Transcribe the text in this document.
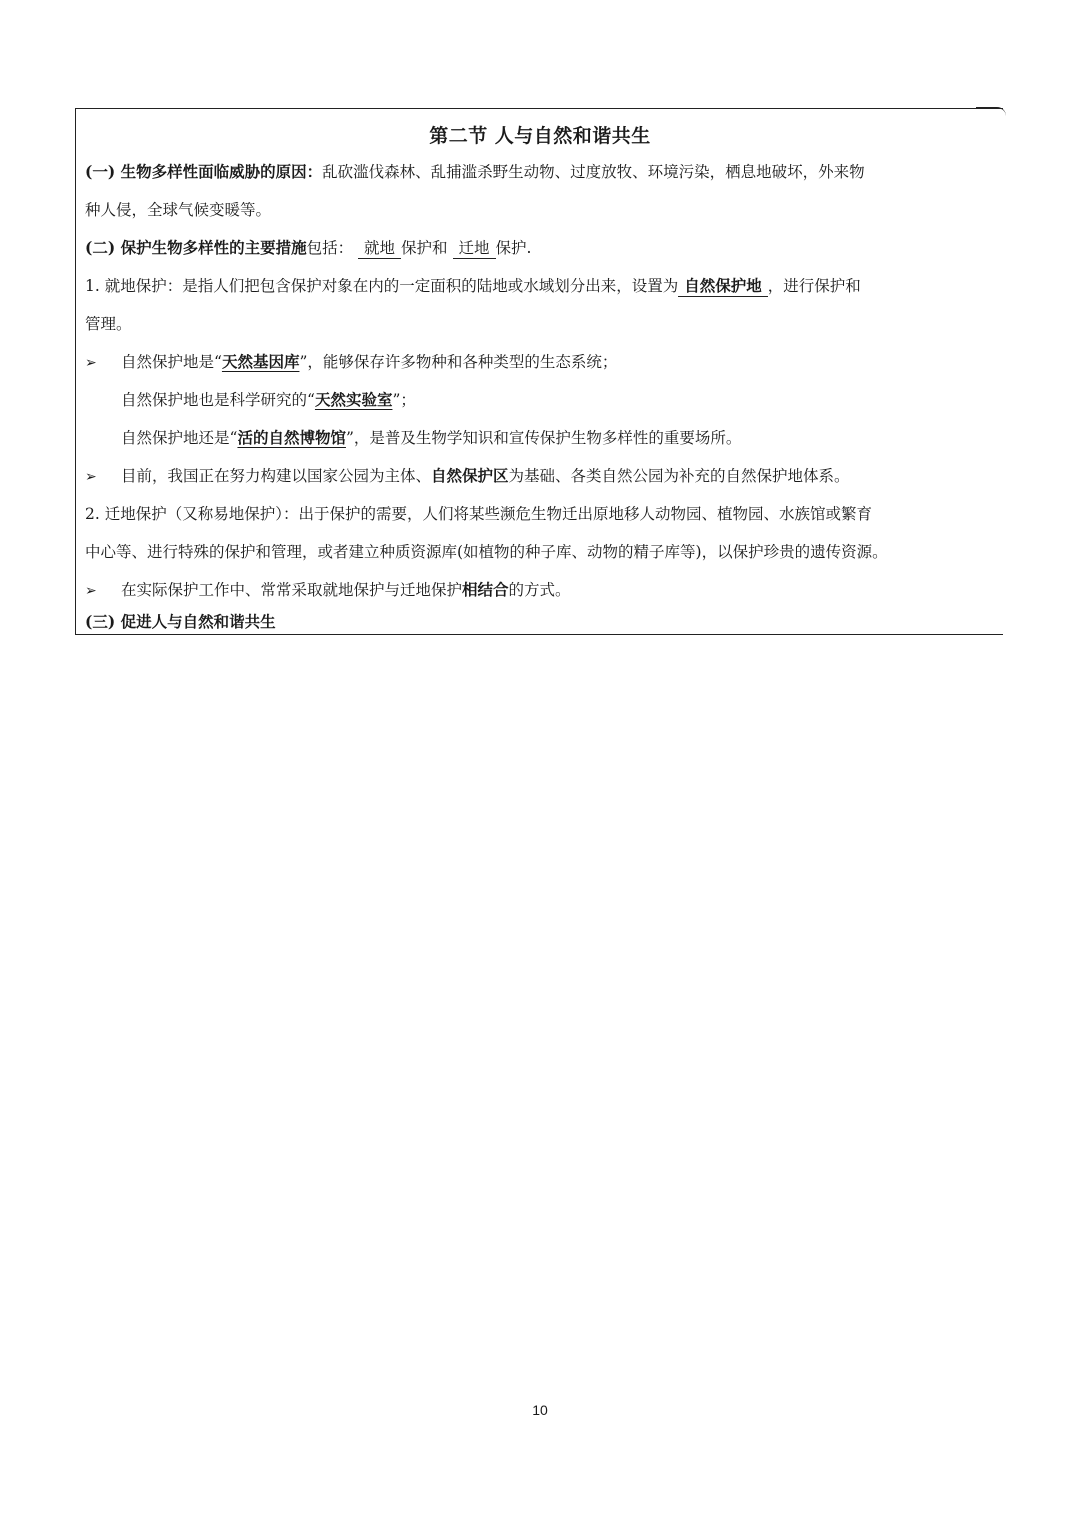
第二节 人与自然和谐共生
(一) 生物多样性面临威胁的原因：乱砍滥伐森林、乱捕滥杀野生动物、过度放牧、环境污染，栖息地破坏，外来物
种人侵，全球气候变暖等。
(二) 保护生物多样性的主要措施包括： 就地 保护和 迁地 保护.
1. 就地保护：是指人们把包含保护对象在内的一定面积的陆地或水域划分出来，设置为 自然保护地 ，进行保护和
管理。
➢ 自然保护地是“天然基因库”，能够保存许多物种和各种类型的生态系统；
自然保护地也是科学研究的“天然实验室”；
自然保护地还是“活的自然博物馆”，是普及生物学知识和宣传保护生物多样性的重要场所。
➢ 目前，我国正在努力构建以国家公园为主体、自然保护区为基础、各类自然公园为补充的自然保护地体系。
2. 迁地保护（又称易地保护）：出于保护的需要，人们将某些濒危生物迁出原地移人动物园、植物园、水族馆或繁育
中心等、进行特殊的保护和管理，或者建立种质资源库(如植物的种子库、动物的精子库等)，以保护珍贵的遗传资源。
➢ 在实际保护工作中、常常采取就地保护与迁地保护相结合的方式。
(三) 促进人与自然和谐共生
10
